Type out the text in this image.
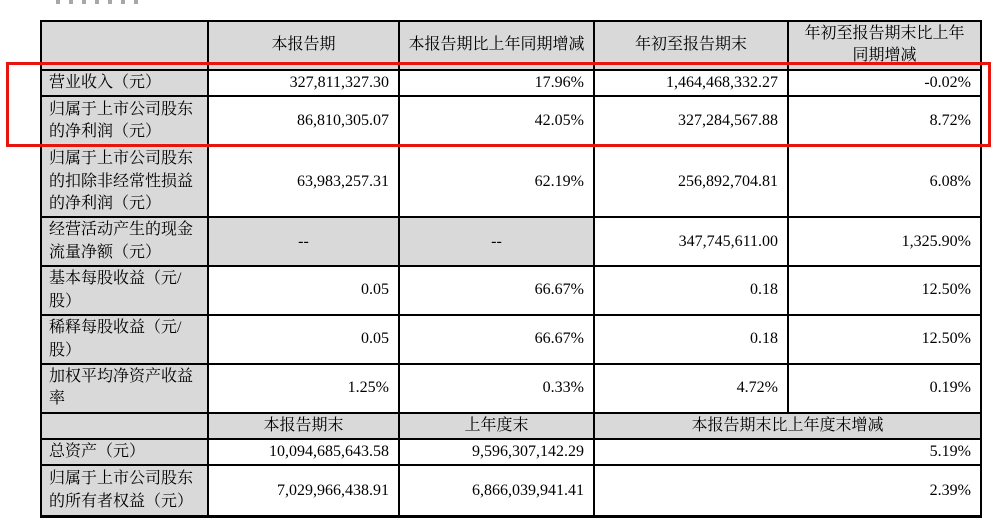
	本报告期	本报告期比上年同期增减	年初至报告期末	年初至报告期末比上年同期增减
营业收入（元）	327,811,327.30	17.96%	1,464,468,332.27	-0.02%
归属于上市公司股东的净利润（元）	86,810,305.07	42.05%	327,284,567.88	8.72%
归属于上市公司股东的扣除非经常性损益的净利润（元）	63,983,257.31	62.19%	256,892,704.81	6.08%
经营活动产生的现金流量净额（元）	--	--	347,745,611.00	1,325.90%
基本每股收益（元/股）	0.05	66.67%	0.18	12.50%
稀释每股收益（元/股）	0.05	66.67%	0.18	12.50%
加权平均净资产收益率	1.25%	0.33%	4.72%	0.19%
	本报告期末	上年度末	本报告期末比上年度末增减	
总资产（元）	10,094,685,643.58	9,596,307,142.29	5.19%	
归属于上市公司股东的所有者权益（元）	7,029,966,438.91	6,866,039,941.41	2.39%	
